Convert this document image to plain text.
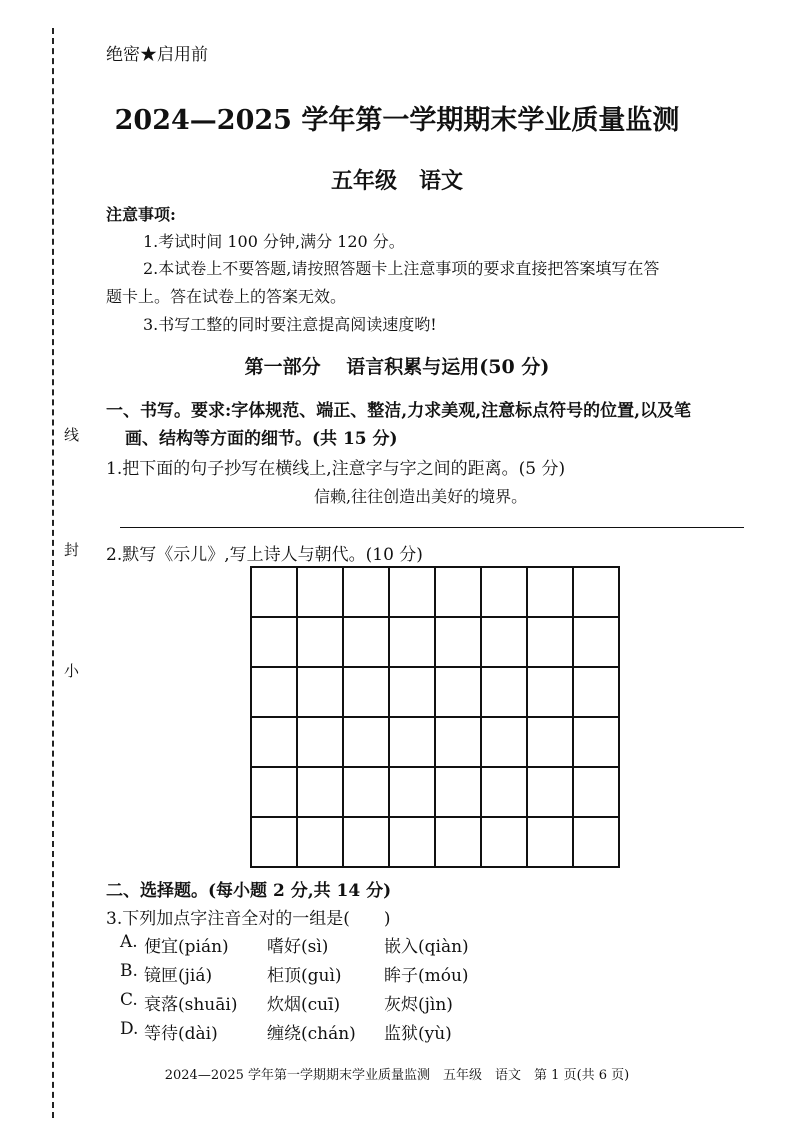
线
封
小
绝密★启用前
2024—2025 学年第一学期期末学业质量监测
五年级　语文
注意事项:
1.考试时间 100 分钟,满分 120 分。
2.本试卷上不要答题,请按照答题卡上注意事项的要求直接把答案填写在答
题卡上。答在试卷上的答案无效。
3.书写工整的同时要注意提高阅读速度哟!
第一部分　 语言积累与运用(50 分)
一、书写。要求:字体规范、端正、整洁,力求美观,注意标点符号的位置,以及笔
画、结构等方面的细节。(共 15 分)
1.把下面的句子抄写在横线上,注意字与字之间的距离。(5 分)
信赖,往往创造出美好的境界。
2.默写《示儿》,写上诗人与朝代。(10 分)

二、选择题。(每小题 2 分,共 14 分)
3.下列加点字注音全对的一组是(　　)
A. 便宜(pián) 嗜好(sì)	嵌入(qiàn)
B. 镜匣(jiá)	柜顶(guì) 眸子(móu)
C. 衰落(shuāi) 炊烟(cuī)	灰烬(jìn)
D. 等待(dài)	缠绕(chán) 监狱(yù)
2024—2025 学年第一学期期末学业质量监测　五年级　语文　第 1 页(共 6 页)
